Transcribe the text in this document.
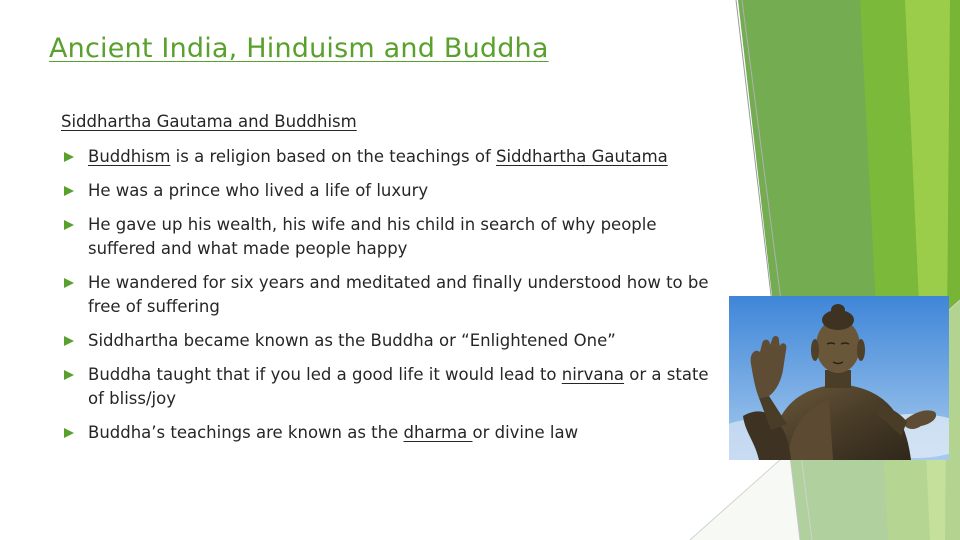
Ancient India, Hinduism and Buddha
Siddhartha Gautama and Buddhism
Buddhism is a religion based on the teachings of Siddhartha Gautama
He was a prince who lived a life of luxury
He gave up his wealth, his wife and his child in search of why people suffered and what made people happy
He wandered for six years and meditated and finally understood how to be free of suffering
Siddhartha became known as the Buddha or “Enlightened One”
Buddha taught that if you led a good life it would lead to nirvana or a state of bliss/joy
Buddha’s teachings are known as the dharma or divine law
